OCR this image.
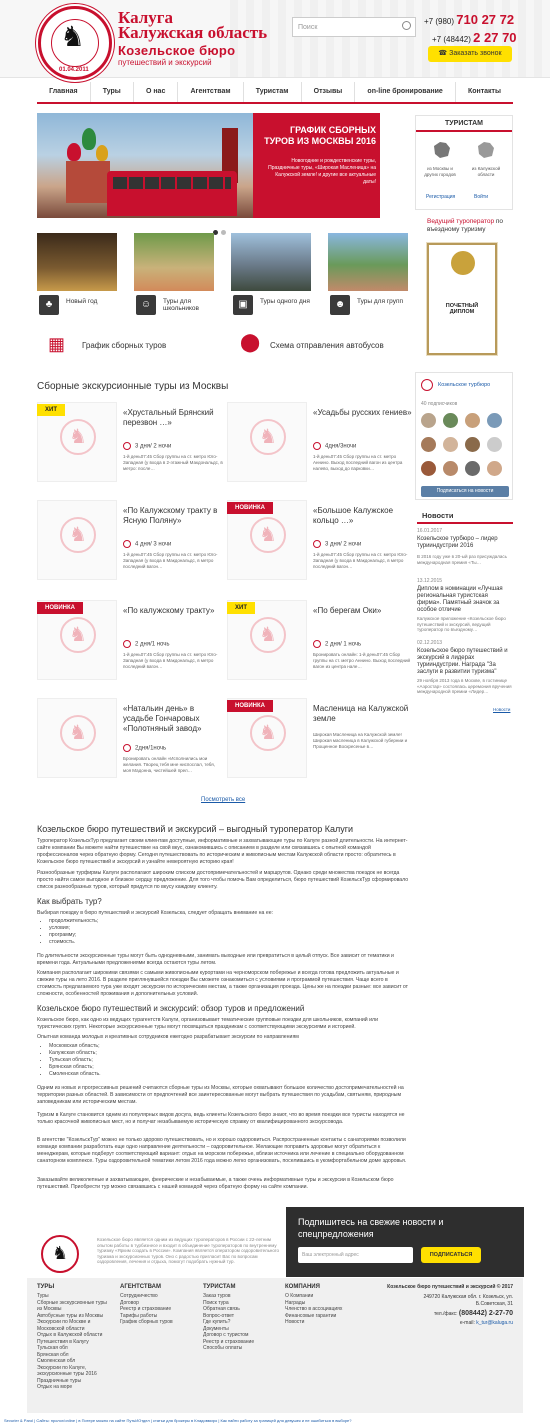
♞
01.04.2011
Калуга
Калужская область
Козельское бюро
путешествий и экскурсий
Поиск
+7 (980) 710 27 72
+7 (48442) 2 27 70
☎ Заказать звонок
Главная	Туры	О нас	Агентствам	Туристам	Отзывы	on-line бронирование	Контакты
ГРАФИК СБОРНЫХ ТУРОВ ИЗ МОСКВЫ 2016
Новогодние и рождественские туры, Праздничные туры, «Широкая Масленица» на Калужской земле! и другие все актуальные даты!
♣	Новый год	☺	Туры для школьников	▣	Туры одного дня	☻	Туры для групп
▦ График сборных туров	⬤ Схема отправления автобусов
Сборные экскурсионные туры из Москвы
♞
ХИТ	«Хрустальный Брянский перезвон …»
3 дня/ 2 ночи
1-й день07:45 Сбор группы на ст. метро Юго-Западная (у входа в 2-этажный Макдональдс, в метро: после…
♞
«Усадьбы русских гениев»
4дня/3ночи
1-й день07:45 Сбор группы на ст. метро Аннино. Выход последний вагон из центра налево, выход до парковки…
♞
«По Калужскому тракту в Ясную Поляну»
4 дня/ 3 ночи
1-й день07:45 Сбор группы на ст. метро Юго-Западная (у входа в Макдональдс, в метро последний вагон…
♞
НОВИНКА	«Большое Калужское кольцо …»
3 дня/ 2 ночи
1-й день07:45 Сбор группы на ст. метро Юго-Западная (у входа в Макдональдс, в метро последний вагон…
♞
НОВИНКА	«По калужскому тракту»
2 дня/1 ночь
1-й день07:45 Сбор группы на ст. метро Юго-Западная (у входа в Макдональдс, в метро последний вагон…
♞
ХИТ	«По берегам Оки»
2 дня/ 1 ночь
Бронировать онлайн: 1-й день07:45 Сбор группы на ст. метро Аннино. Выход последний вагон из центра нале…
♞
«Натальин день» в усадьбе Гончаровых «Полотняный завод»
2дня/1ночь
Бронировать онлайн «Исполнились мои желания. Творец тебя мне ниспослал, тебя, моя Мадонна, чистейшей прел…
♞
НОВИНКА	Масленица на Калужской земле
Широкая Масленица на Калужской земле! Широкая масленица в Калужской губернии и Прощенное Воскресенье в…
Посмотреть все
Козельское бюро путешествий и экскурсий – выгодный туроператор Калуги
Туроператор КозельскТур предлагает своим клиентам доступные, информативные и захватывающие туры по Калуге разной длительности. На интернет-сайте компании Вы можете найти путешествие на свой вкус, ознакомившись с описанием в разделе или связавшись с опытной командой профессионалов через обратную форму. Сегодня путешествовать по историческим и живописным местам Калужской области просто: обратитесь в Козельское бюро путешествий и экскурсий и узнайте невероятную историю края!
Разнообразные турфирмы Калуги располагают широким списком достопримечательностей и маршрутов. Однако среди множества поездок не всегда просто найти самое выгодное и близкое сердцу предложение. Для того чтобы помочь Вам определиться, бюро путешествий КозельскТур сформировало список разнообразных туров, который придутся по вкусу каждому клиенту.
Как выбрать тур?
Выбирая поездку в бюро путешествий и экскурсий Козельска, следует обращать внимание на ее:
• продолжительность;
• условия;
• программу;
• стоимость.
По длительности экскурсионные туры могут быть однодневными, занимать выходные или превратиться в целый отпуск. Все зависит от тематики и времени года. Актуальными предложениями всегда остаются туры летом.
Компания располагает широкими связями с самыми живописными курортами на черноморском побережье и всегда готова предложить актуальные и свежие туры на лето 2016. В разделе приглянувшейся поездки Вы сможете ознакомиться с условиями и программой путешествия. Чаще всего в стоимость предлагаемого тура уже входят экскурсии по историческим местам, а также организация проезда. Цены же на поездки разные: все зависит от сложности, особенностей проживания и дополнительных условий.
Козельское бюро путешествий и экскурсий: обзор туров и предложений
Козельское бюро, как одно из ведущих турагентств Калуги, организовывает тематические групповые поездки для школьников, компаний или туристических групп. Некоторые экскурсионные туры могут посвящаться праздникам с соответствующими экскурсиями и историей.
Опытная команда молодых и креативных сотрудников ежегодно разрабатывает экскурсии по направлениям
• Московская область;
• Калужская область;
• Тульская область;
• Брянская область;
• Смоленская область.
Одним из новых и прогрессивных решений считаются сборные туры из Москвы, которые охватывают большое количество достопримечательностей на территории разных областей. В зависимости от предпочтений все заинтересованные могут выбрать путешествия по усадьбам, святыням, природным заповедникам или историческим местам.
Туризм в Калуге становится одним из популярных видов досуга, ведь клиенты Козельского бюро знают, что во время поездки все туристы находятся не только красочной живописных мест, но и получат незабываемую историческую справку от квалифицированного экскурсовода.
В агентстве "КозельскТур" можно не только здорово путешествовать, но и хорошо оздоровиться. Распространенные контакты с санаториями позволили команде компании разработать еще одно направление деятельности – оздоровительное. Желающие поправить здоровье могут обратиться к менеджерам, которые подберут соответствующий вариант: отдых на морском побережье, вблизи источника или лечение в специально оборудованном санаторном комплексе. Туры оздоровительной тематики летом 2016 года можно легко организовать, поселившись в укомфортабельном доме здоровья.
Заказывайте великолепные и захватывающие, феерические и незабываемые, а также очень информативные туры и экскурсии в Козельском бюро путешествий. Приобрести тур можно связавшись с нашей командой через обратную форму на сайте компании.
ТУРИСТАМ
из Москвы и других городов
из Калужской области
Регистрация	Войти
Ведущий туроператор по въездному туризму
ПОЧЕТНЫЙ ДИПЛОМ
Козельское турбюро
40 подписчиков
Подписаться на новости
Новости
16.01.2017
Козельское турбюро – лидер турииндустрии 2016
В 2016 году уже в 20-ый раз присуждалась международная премия «Ты…
13.12.2015
Диплом в номинации «Лучшая региональная туристская фирма». Памятный значок за особое отличие
Калужское приложение «Козельское бюро путешествий и экскурсий, ведущий туроператор по въездному…
02.12.2013
Козельское бюро путешествий и экскурсий в лидерах турииндустрии. Награда "За заслуги в развитии туризма"
29 ноября 2013 года в Москве, в гостинице «Аэростар» состоялась церемония вручения международной премии «Лидер…
Новости
♞
Козельское бюро является одним из ведущих туроператоров в России с 22-летним опытом работы в турбизнесе и входит в объединение туроператоров по внутреннему туризму «Ярким создать в России». Компания является оператором оздоровительного туризма и экскурсионных туров. Оно с радостью пригласит Вас по вопросам оздоровления, лечения и отдыха, помогут подобрать нужный тур.
Подпишитесь на свежие новости и спецпредложения
Ваш электронный адрес	ПОДПИСАТЬСЯ
ТУРЫ
Туры
Сборные экскурсионные туры из Москвы
Автобусные туры из Москвы
Экскурсии по Москве и Московской области
Отдых в Калужской области
Путешествия в Калугу
Тульская обл
Брянская обл
Смоленская обл
Экскурсии по Калуге, экскурсионные туры 2016
Праздничные туры
Отдых на море
АГЕНТСТВАМ
Сотрудничество
Договор
Реестр и страхование
Тарифы работы
График сборных туров
ТУРИСТАМ
Заказ туров
Поиск тура
Обратная связь
Вопрос-ответ
Где купить?
Документы
Договор с туристом
Реестр и страхование
Способы оплаты
КОМПАНИЯ
О Компании
Награды
Членство в ассоциациях
Финансовые гарантии
Новости
Козельское бюро путешествий и экскурсий © 2017
249720 Калужская обл. г. Козельск, ул. Б.Советская, 31
тел./факс: (808442) 2-27-70
e-mail: k_tur@kaluga.ru
Sevurier & Parol | Сайты: пролог/online | в Потере можно на сайте ПутьИОтдел | статьи для брокеры в Кладовмиро | Как найти работу за границей для девушек и не ошибиться в выборе?
